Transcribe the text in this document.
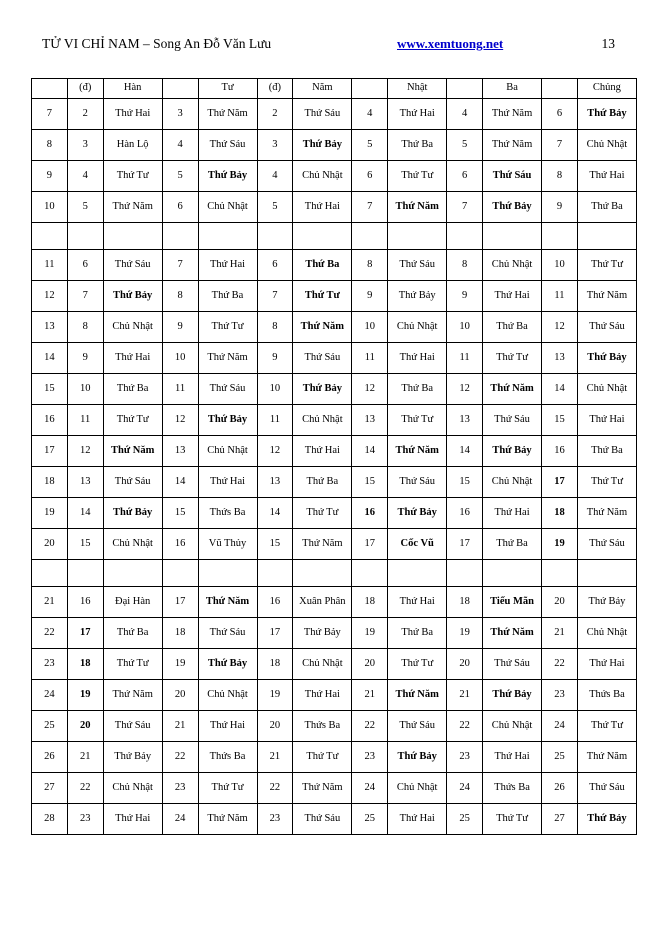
TỬ VI CHỈ NAM – Song An Đỗ Văn Lưu	www.xemtuong.net	13
	(đ)	Hàn		Tư	(đ)	Năm		Nhật		Ba		Chủng
7	2	Thứ Hai	3	Thứ Năm	2	Thứ Sáu	4	Thứ Hai	4	Thứ Năm	6	Thứ Bảy
8	3	Hàn Lộ	4	Thứ Sáu	3	Thứ Bảy	5	Thứ Ba	5	Thứ Năm	7	Chủ Nhật
9	4	Thứ Tư	5	Thứ Bảy	4	Chủ Nhật	6	Thứ Tư	6	Thứ Sáu	8	Thứ Hai
10	5	Thứ Năm	6	Chủ Nhật	5	Thứ Hai	7	Thứ Năm	7	Thứ Bảy	9	Thứ Ba

11	6	Thứ Sáu	7	Thứ Hai	6	Thứ Ba	8	Thứ Sáu	8	Chủ Nhật	10	Thứ Tư
12	7	Thứ Bảy	8	Thứ Ba	7	Thứ Tư	9	Thứ Bảy	9	Thứ Hai	11	Thứ Năm
13	8	Chủ Nhật	9	Thứ Tư	8	Thứ Năm	10	Chủ Nhật	10	Thứ Ba	12	Thứ Sáu
14	9	Thứ Hai	10	Thứ Năm	9	Thứ Sáu	11	Thứ Hai	11	Thứ Tư	13	Thứ Bảy
15	10	Thứ Ba	11	Thứ Sáu	10	Thứ Bảy	12	Thứ Ba	12	Thứ Năm	14	Chủ Nhật
16	11	Thứ Tư	12	Thứ Bảy	11	Chủ Nhật	13	Thứ Tư	13	Thứ Sáu	15	Thứ Hai
17	12	Thứ Năm	13	Chủ Nhật	12	Thứ Hai	14	Thứ Năm	14	Thứ Bảy	16	Thứ Ba
18	13	Thứ Sáu	14	Thứ Hai	13	Thứ Ba	15	Thứ Sáu	15	Chủ Nhật	17	Thứ Tư
19	14	Thứ Bảy	15	Thứs Ba	14	Thứ Tư	16	Thứ Bảy	16	Thứ Hai	18	Thứ Năm
20	15	Chủ Nhật	16	Vũ Thủy	15	Thứ Năm	17	Cốc Vũ	17	Thứ Ba	19	Thứ Sáu

21	16	Đại Hàn	17	Thứ Năm	16	Xuân Phân	18	Thứ Hai	18	Tiểu Mãn	20	Thứ Bảy
22	17	Thứ Ba	18	Thứ Sáu	17	Thứ Bảy	19	Thứ Ba	19	Thứ Năm	21	Chủ Nhật
23	18	Thứ Tư	19	Thứ Bảy	18	Chủ Nhật	20	Thứ Tư	20	Thứ Sáu	22	Thứ Hai
24	19	Thứ Năm	20	Chủ Nhật	19	Thứ Hai	21	Thứ Năm	21	Thứ Bảy	23	Thứs Ba
25	20	Thứ Sáu	21	Thứ Hai	20	Thứs Ba	22	Thứ Sáu	22	Chủ Nhật	24	Thứ Tư
26	21	Thứ Bảy	22	Thứs Ba	21	Thứ Tư	23	Thứ Bảy	23	Thứ Hai	25	Thứ Năm
27	22	Chủ Nhật	23	Thứ Tư	22	Thứ Năm	24	Chủ Nhật	24	Thứs Ba	26	Thứ Sáu
28	23	Thứ Hai	24	Thứ Năm	23	Thứ Sáu	25	Thứ Hai	25	Thứ Tư	27	Thứ Bảy
